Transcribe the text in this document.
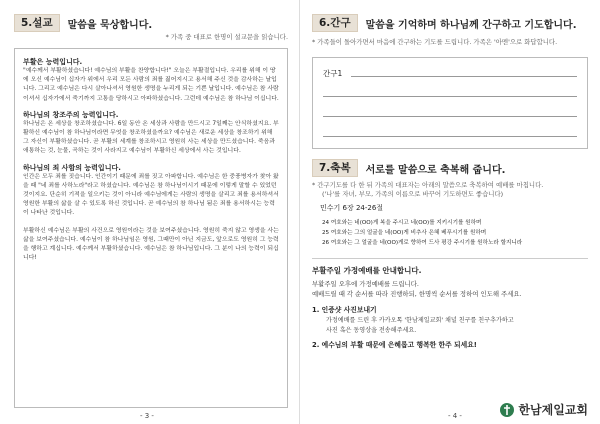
5.설교	말씀을 묵상합니다.
* 가족 중 대표로 한명이 설교문을 읽습니다.
부활은 능력입니다.

"예수께서 부활하셨습니다! 예수님의 부활을 찬양합니다!" 오늘은 부활절입니다. 우리를 위해 이 땅에 오신 예수님이 십자가 위에서 우리 모든 사람의 죄를 짊어지시고 용서해 주신 것을 감사하는 날입니다. 그리고 예수님은 다시 살아나셔서 영원한 생명을 누리게 되는 기쁜 날입니다. 예수님은 참 사람이셔서 십자가에서 죽기까지 고통을 당하시고 아파하셨습니다. 그런데 예수님은 참 하나님 이십니다.

하나님의 창조주의 능력입니다.

하나님은 온 세상을 창조하셨습니다. 6일 동안 온 세상과 사람을 만드시고 7일째는 안식하셨지요. 부활하신 예수님이 참 하나님이라면 무엇을 창조하셨을까요? 예수님은 새로운 세상을 창조하기 위해 그 자신이 부활하셨습니다. 곧 부활의 세계를 창조하시고 영원히 사는 세상을 만드셨습니다. 죽음과 애통하는 것, 눈물, 곡하는 것이 사라지고 예수님이 부활하신 세상에서 사는 것입니다.

하나님의 죄 사함의 능력입니다.

인간은 모두 죄를 짓습니다. 인간이기 때문에 죄를 짓고 아파합니다. 예수님은 한 중풍병자가 찾아 왔을 때 "네 죄를 사하노라"라고 하셨습니다. 예수님은 참 하나님이시기 때문에 이렇게 말할 수 있었던 것이지요. 단순히 기적을 일으키는 것이 아니라 예수님에게는 사람의 생명을 살리고 죄를 용서하셔서 영원한 부활의 삶을 살 수 있도록 하신 것입니다. 곧 예수님의 참 하나님 됨은 죄를 용서하시는 능력이 나타난 것입니다.

부활하신 예수님은 부활의 사건으로 영원이라는 것을 보여주셨습니다. 영원히 죽지 않고 영생을 사는 삶을 보여주셨습니다. 예수님이 참 하나님임은 영원, 그때만이 아닌 지금도, 앞으로도 영원히 그 능력을 행하고 계십니다. 예수께서 부활하셨습니다. 예수님은 참 하나님입니다. 그 분이 나의 능력이 되십니다!

- 3 -
6.간구	말씀을 기억하며 하나님께 간구하고 기도합니다.
* 가족들이 돌아가면서 마음에 간구하는 기도를 드립니다. 가족은 '아멘'으로 화답합니다.
간구1
7.축복	서로를 말씀으로 축복해 줍니다.
* 간구기도를 다 한 뒤 가족의 대표자는 아래의 말씀으로 축복하여 예배를 마칩니다.
('나'를 자녀, 부모, 가족의 이름으로 바꾸어 기도하면도 좋습니다)
민수기 6장 24-26절
24 여호와는 네(OO)게 복을 주시고 네(OO)를 지키시기를 원하며
25 여호와는 그의 얼굴을 네(OO)게 비추사 은혜 베푸시기를 원하며
26 여호와는 그 얼굴을 네(OO)게로 향하여 드사 평강 주시기를 원하노라 할지니라
부활주일 가정예배를 안내합니다.
부활주일 오후에 가정예배를 드립니다.
예배드릴 때 각 순서를 따라 진행하되, 한명씩 순서를 정하여 인도해 주세요.
1. 인증샷 사진보내기
가정예배를 드린 후 카카오톡 '한남제일교회' 채널 친구를 친구추가하고
사진 혹은 동영상을 전송해주세요.
2. 예수님의 부활 때문에 은혜롭고 행복한 한주 되세요!
- 4 -	한남제일교회
